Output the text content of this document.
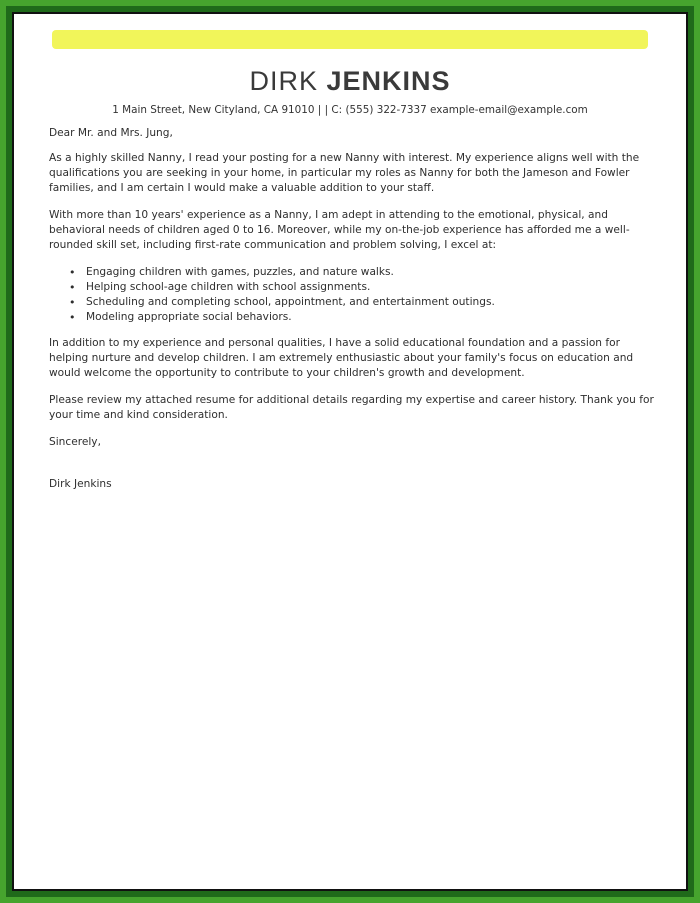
DIRK JENKINS
1 Main Street, New Cityland, CA 91010 | | C: (555) 322-7337 example-email@example.com

Dear Mr. and Mrs. Jung,

As a highly skilled Nanny, I read your posting for a new Nanny with interest. My experience aligns well with the qualifications you are seeking in your home, in particular my roles as Nanny for both the Jameson and Fowler families, and I am certain I would make a valuable addition to your staff.

With more than 10 years' experience as a Nanny, I am adept in attending to the emotional, physical, and behavioral needs of children aged 0 to 16. Moreover, while my on-the-job experience has afforded me a well-rounded skill set, including first-rate communication and problem solving, I excel at:

• Engaging children with games, puzzles, and nature walks.
• Helping school-age children with school assignments.
• Scheduling and completing school, appointment, and entertainment outings.
• Modeling appropriate social behaviors.

In addition to my experience and personal qualities, I have a solid educational foundation and a passion for helping nurture and develop children. I am extremely enthusiastic about your family's focus on education and would welcome the opportunity to contribute to your children's growth and development.

Please review my attached resume for additional details regarding my expertise and career history. Thank you for your time and kind consideration.

Sincerely,

Dirk Jenkins
